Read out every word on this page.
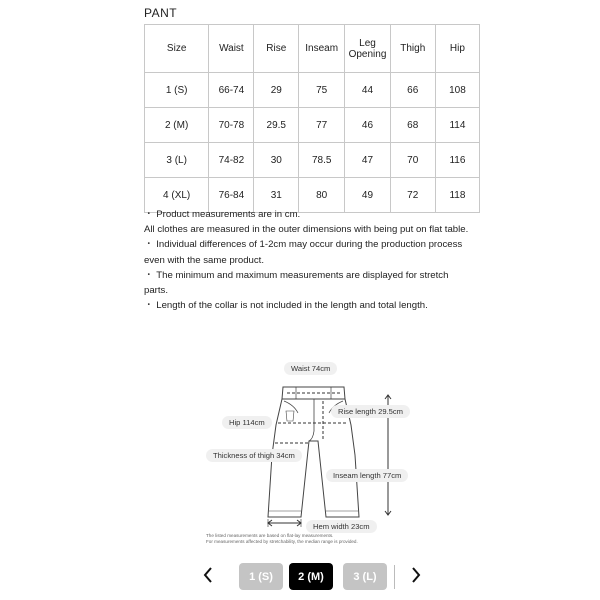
PANT
Size	Waist	Rise	Inseam	Leg Opening	Thigh	Hip
1 (S)	66-74	29	75	44	66	108
2 (M)	70-78	29.5	77	46	68	114
3 (L)	74-82	30	78.5	47	70	116
4 (XL)	76-84	31	80	49	72	118

・ Product measurements are in cm.

All clothes are measured in the outer dimensions with being put on flat table.

・ Individual differences of 1-2cm may occur during the production process even with the same product.

・ The minimum and maximum measurements are displayed for stretch parts.

・ Length of the collar is not included in the length and total length.

Waist 74cm
Rise length 29.5cm
Hip 114cm
Thickness of thigh 34cm
Inseam length 77cm
Hem width 23cm
The listed measurements are based on flat-lay measurements.
For measurements affected by stretchability, the median range is provided.
1 (S)	2 (M)	3 (L)
